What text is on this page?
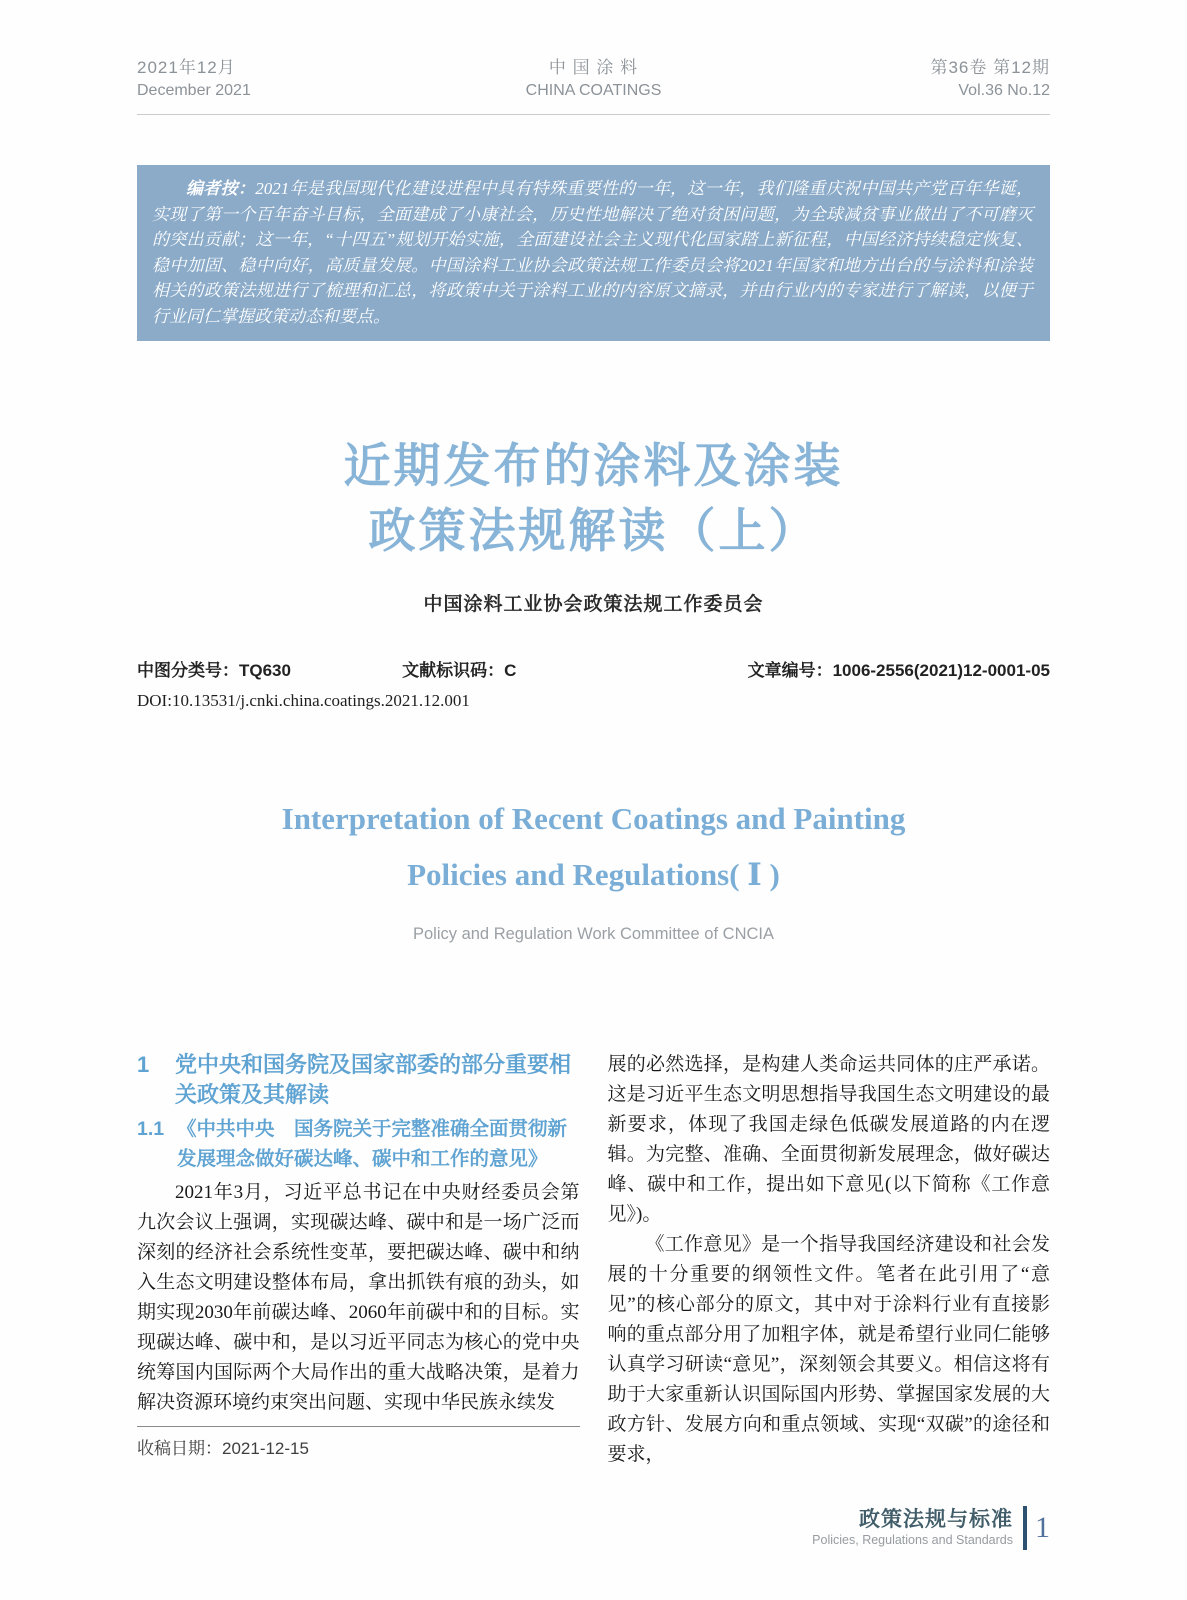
2021年12月
December 2021
中 国 涂 料
CHINA COATINGS
第36卷 第12期
Vol.36 No.12

编者按：2021年是我国现代化建设进程中具有特殊重要性的一年，这一年，我们隆重庆祝中国共产党百年华诞，实现了第一个百年奋斗目标，全面建成了小康社会，历史性地解决了绝对贫困问题，为全球减贫事业做出了不可磨灭的突出贡献；这一年，“十四五”规划开始实施，全面建设社会主义现代化国家踏上新征程，中国经济持续稳定恢复、稳中加固、稳中向好，高质量发展。中国涂料工业协会政策法规工作委员会将2021年国家和地方出台的与涂料和涂装相关的政策法规进行了梳理和汇总，将政策中关于涂料工业的内容原文摘录，并由行业内的专家进行了解读，以便于行业同仁掌握政策动态和要点。

近期发布的涂料及涂装
政策法规解读（上）
中国涂料工业协会政策法规工作委员会
中图分类号：TQ630	文献标识码：C	文章编号：1006-2556(2021)12-0001-05
DOI:10.13531/j.cnki.china.coatings.2021.12.001
Interpretation of Recent Coatings and Painting
Policies and Regulations( Ⅰ )
Policy and Regulation Work Committee of CNCIA
1	党中央和国务院及国家部委的部分重要相关政策及其解读
1.1 《中共中央　国务院关于完整准确全面贯彻新发展理念做好碳达峰、碳中和工作的意见》

2021年3月，习近平总书记在中央财经委员会第九次会议上强调，实现碳达峰、碳中和是一场广泛而深刻的经济社会系统性变革，要把碳达峰、碳中和纳入生态文明建设整体布局，拿出抓铁有痕的劲头，如期实现2030年前碳达峰、2060年前碳中和的目标。实现碳达峰、碳中和，是以习近平同志为核心的党中央统筹国内国际两个大局作出的重大战略决策，是着力解决资源环境约束突出问题、实现中华民族永续发

收稿日期：2021-12-15

展的必然选择，是构建人类命运共同体的庄严承诺。这是习近平生态文明思想指导我国生态文明建设的最新要求，体现了我国走绿色低碳发展道路的内在逻辑。为完整、准确、全面贯彻新发展理念，做好碳达峰、碳中和工作，提出如下意见(以下简称《工作意见》)。

《工作意见》是一个指导我国经济建设和社会发展的十分重要的纲领性文件。笔者在此引用了“意见”的核心部分的原文，其中对于涂料行业有直接影响的重点部分用了加粗字体，就是希望行业同仁能够认真学习研读“意见”，深刻领会其要义。相信这将有助于大家重新认识国际国内形势、掌握国家发展的大政方针、发展方向和重点领域、实现“双碳”的途径和要求，

政策法规与标准
Policies, Regulations and Standards 1
